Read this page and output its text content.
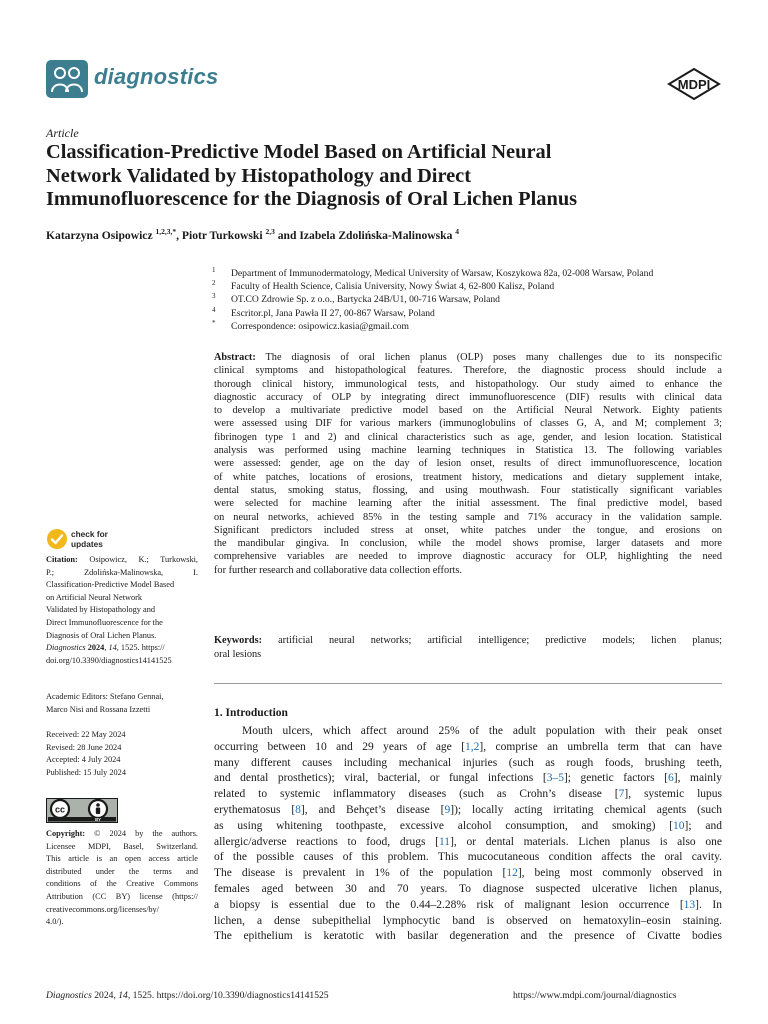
diagnostics	MDPI
Article
Classification-Predictive Model Based on Artificial Neural
Network Validated by Histopathology and Direct
Immunofluorescence for the Diagnosis of Oral Lichen Planus
Katarzyna Osipowicz $^{1,2,3,*}$, Piotr Turkowski $^{2,3}$ and Izabela Zdolińska-Malinowska $^4$
1 Department of Immunodermatology, Medical University of Warsaw, Koszykowa 82a, 02-008 Warsaw, Poland
2 Faculty of Health Science, Calisia University, Nowy Świat 4, 62-800 Kalisz, Poland
3 OT.CO Zdrowie Sp. z o.o., Bartycka 24B/U1, 00-716 Warsaw, Poland
4 Escritor.pl, Jana Pawła II 27, 00-867 Warsaw, Poland
* Correspondence: osipowicz.kasia@gmail.com
Abstract: The diagnosis of oral lichen planus (OLP) poses many challenges due to its nonspecific
clinical symptoms and histopathological features. Therefore, the diagnostic process should include a
thorough clinical history, immunological tests, and histopathology. Our study aimed to enhance the
diagnostic accuracy of OLP by integrating direct immunofluorescence (DIF) results with clinical data
to develop a multivariate predictive model based on the Artificial Neural Network. Eighty patients
were assessed using DIF for various markers (immunoglobulins of classes G, A, and M; complement 3;
fibrinogen type 1 and 2) and clinical characteristics such as age, gender, and lesion location. Statistical
analysis was performed using machine learning techniques in Statistica 13. The following variables
were assessed: gender, age on the day of lesion onset, results of direct immunofluorescence, location
of white patches, locations of erosions, treatment history, medications and dietary supplement intake,
dental status, smoking status, flossing, and using mouthwash. Four statistically significant variables
were selected for machine learning after the initial assessment. The final predictive model, based
on neural networks, achieved 85% in the testing sample and 71% accuracy in the validation sample.
Significant predictors included stress at onset, white patches under the tongue, and erosions on
the mandibular gingiva. In conclusion, while the model shows promise, larger datasets and more
comprehensive variables are needed to improve diagnostic accuracy for OLP, highlighting the need
for further research and collaborative data collection efforts.
Keywords: artificial neural networks; artificial intelligence; predictive models; lichen planus;
oral lesions
1. Introduction
Mouth ulcers, which affect around 25% of the adult population with their peak onset
occurring between 10 and 29 years of age [1,2], comprise an umbrella term that can have
many different causes including mechanical injuries (such as rough foods, brushing teeth,
and dental prosthetics); viral, bacterial, or fungal infections [3–5]; genetic factors [6], mainly
related to systemic inflammatory diseases (such as Crohn’s disease [7], systemic lupus
erythematosus [8], and Behçet’s disease [9]); locally acting irritating chemical agents (such
as using whitening toothpaste, excessive alcohol consumption, and smoking) [10]; and
allergic/adverse reactions to food, drugs [11], or dental materials. Lichen planus is also one
of the possible causes of this problem. This mucocutaneous condition affects the oral cavity.
The disease is prevalent in 1% of the population [12], being most commonly observed in
females aged between 30 and 70 years. To diagnose suspected ulcerative lichen planus,
a biopsy is essential due to the 0.44–2.28% risk of malignant lesion occurrence [13]. In
lichen, a dense subepithelial lymphocytic band is observed on hematoxylin–eosin staining.
The epithelium is keratotic with basilar degeneration and the presence of Civatte bodies
check for updates
Citation: Osipowicz, K.; Turkowski,
P.; Zdolińska-Malinowska, I.
Classification-Predictive Model Based
on Artificial Neural Network
Validated by Histopathology and
Direct Immunofluorescence for the
Diagnosis of Oral Lichen Planus.
Diagnostics 2024, 14, 1525. https://
doi.org/10.3390/diagnostics14141525
Academic Editors: Stefano Gennai,
Marco Nisi and Rossana Izzetti
Received: 22 May 2024
Revised: 28 June 2024
Accepted: 4 July 2024
Published: 15 July 2024
cc
BY
Copyright: © 2024 by the authors.
Licensee MDPI, Basel, Switzerland.
This article is an open access article
distributed under the terms and
conditions of the Creative Commons
Attribution (CC BY) license (https://
creativecommons.org/licenses/by/
4.0/).
Diagnostics 2024, 14, 1525. https://doi.org/10.3390/diagnostics14141525	https://www.mdpi.com/journal/diagnostics
